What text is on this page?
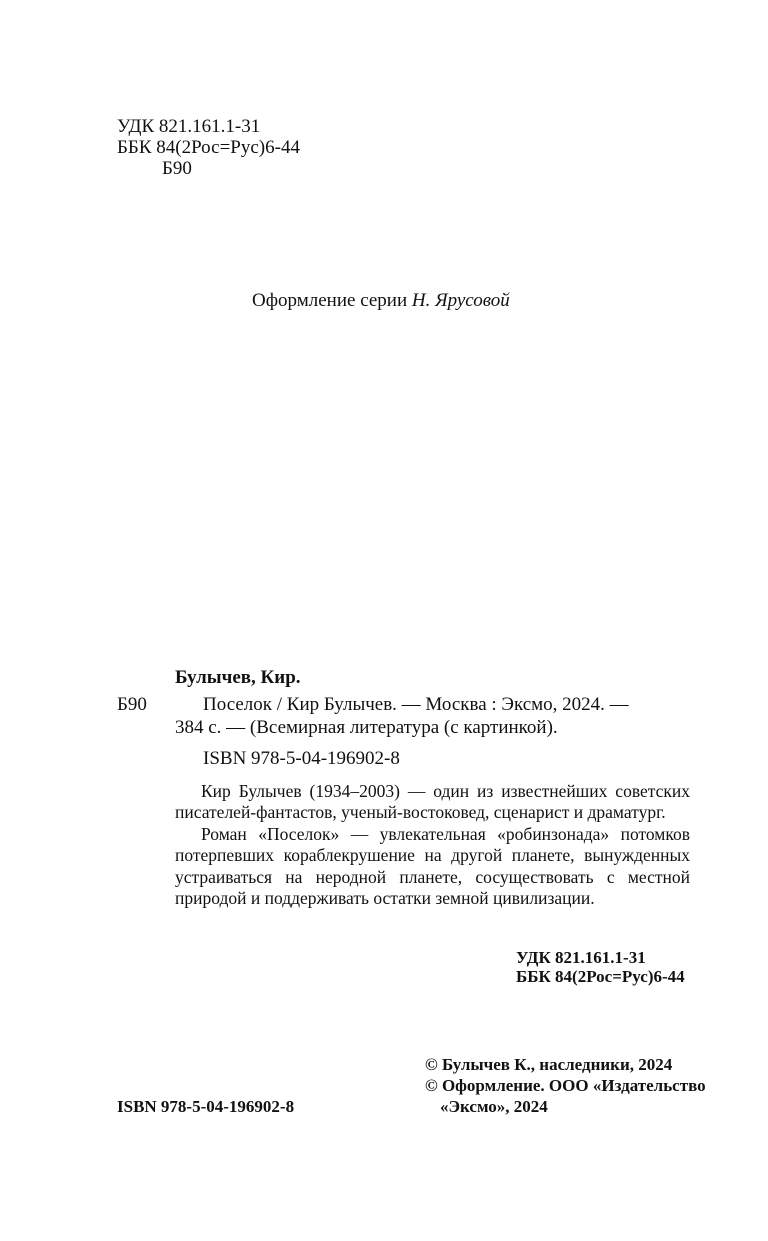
УДК 821.161.1-31
ББК 84(2Рос=Рус)6-44
Б90
Оформление серии Н. Ярусовой
Булычев, Кир.
Б90	Поселок / Кир Булычев. — Москва : Эксмо, 2024. —
384 с. — (Всемирная литература (с картинкой).
ISBN 978-5-04-196902-8

Кир Булычев (1934–2003) — один из известнейших советских писателей-фантастов, ученый-востоковед, сценарист и драматург.

Роман «Поселок» — увлекательная «робинзонада» потомков потерпевших кораблекрушение на другой планете, вынужденных устраиваться на неродной планете, сосуществовать с местной природой и поддерживать остатки земной цивилизации.

УДК 821.161.1-31
ББК 84(2Рос=Рус)6-44
© Булычев К., наследники, 2024
© Оформление. ООО «Издательство
ISBN 978-5-04-196902-8	«Эксмо», 2024
